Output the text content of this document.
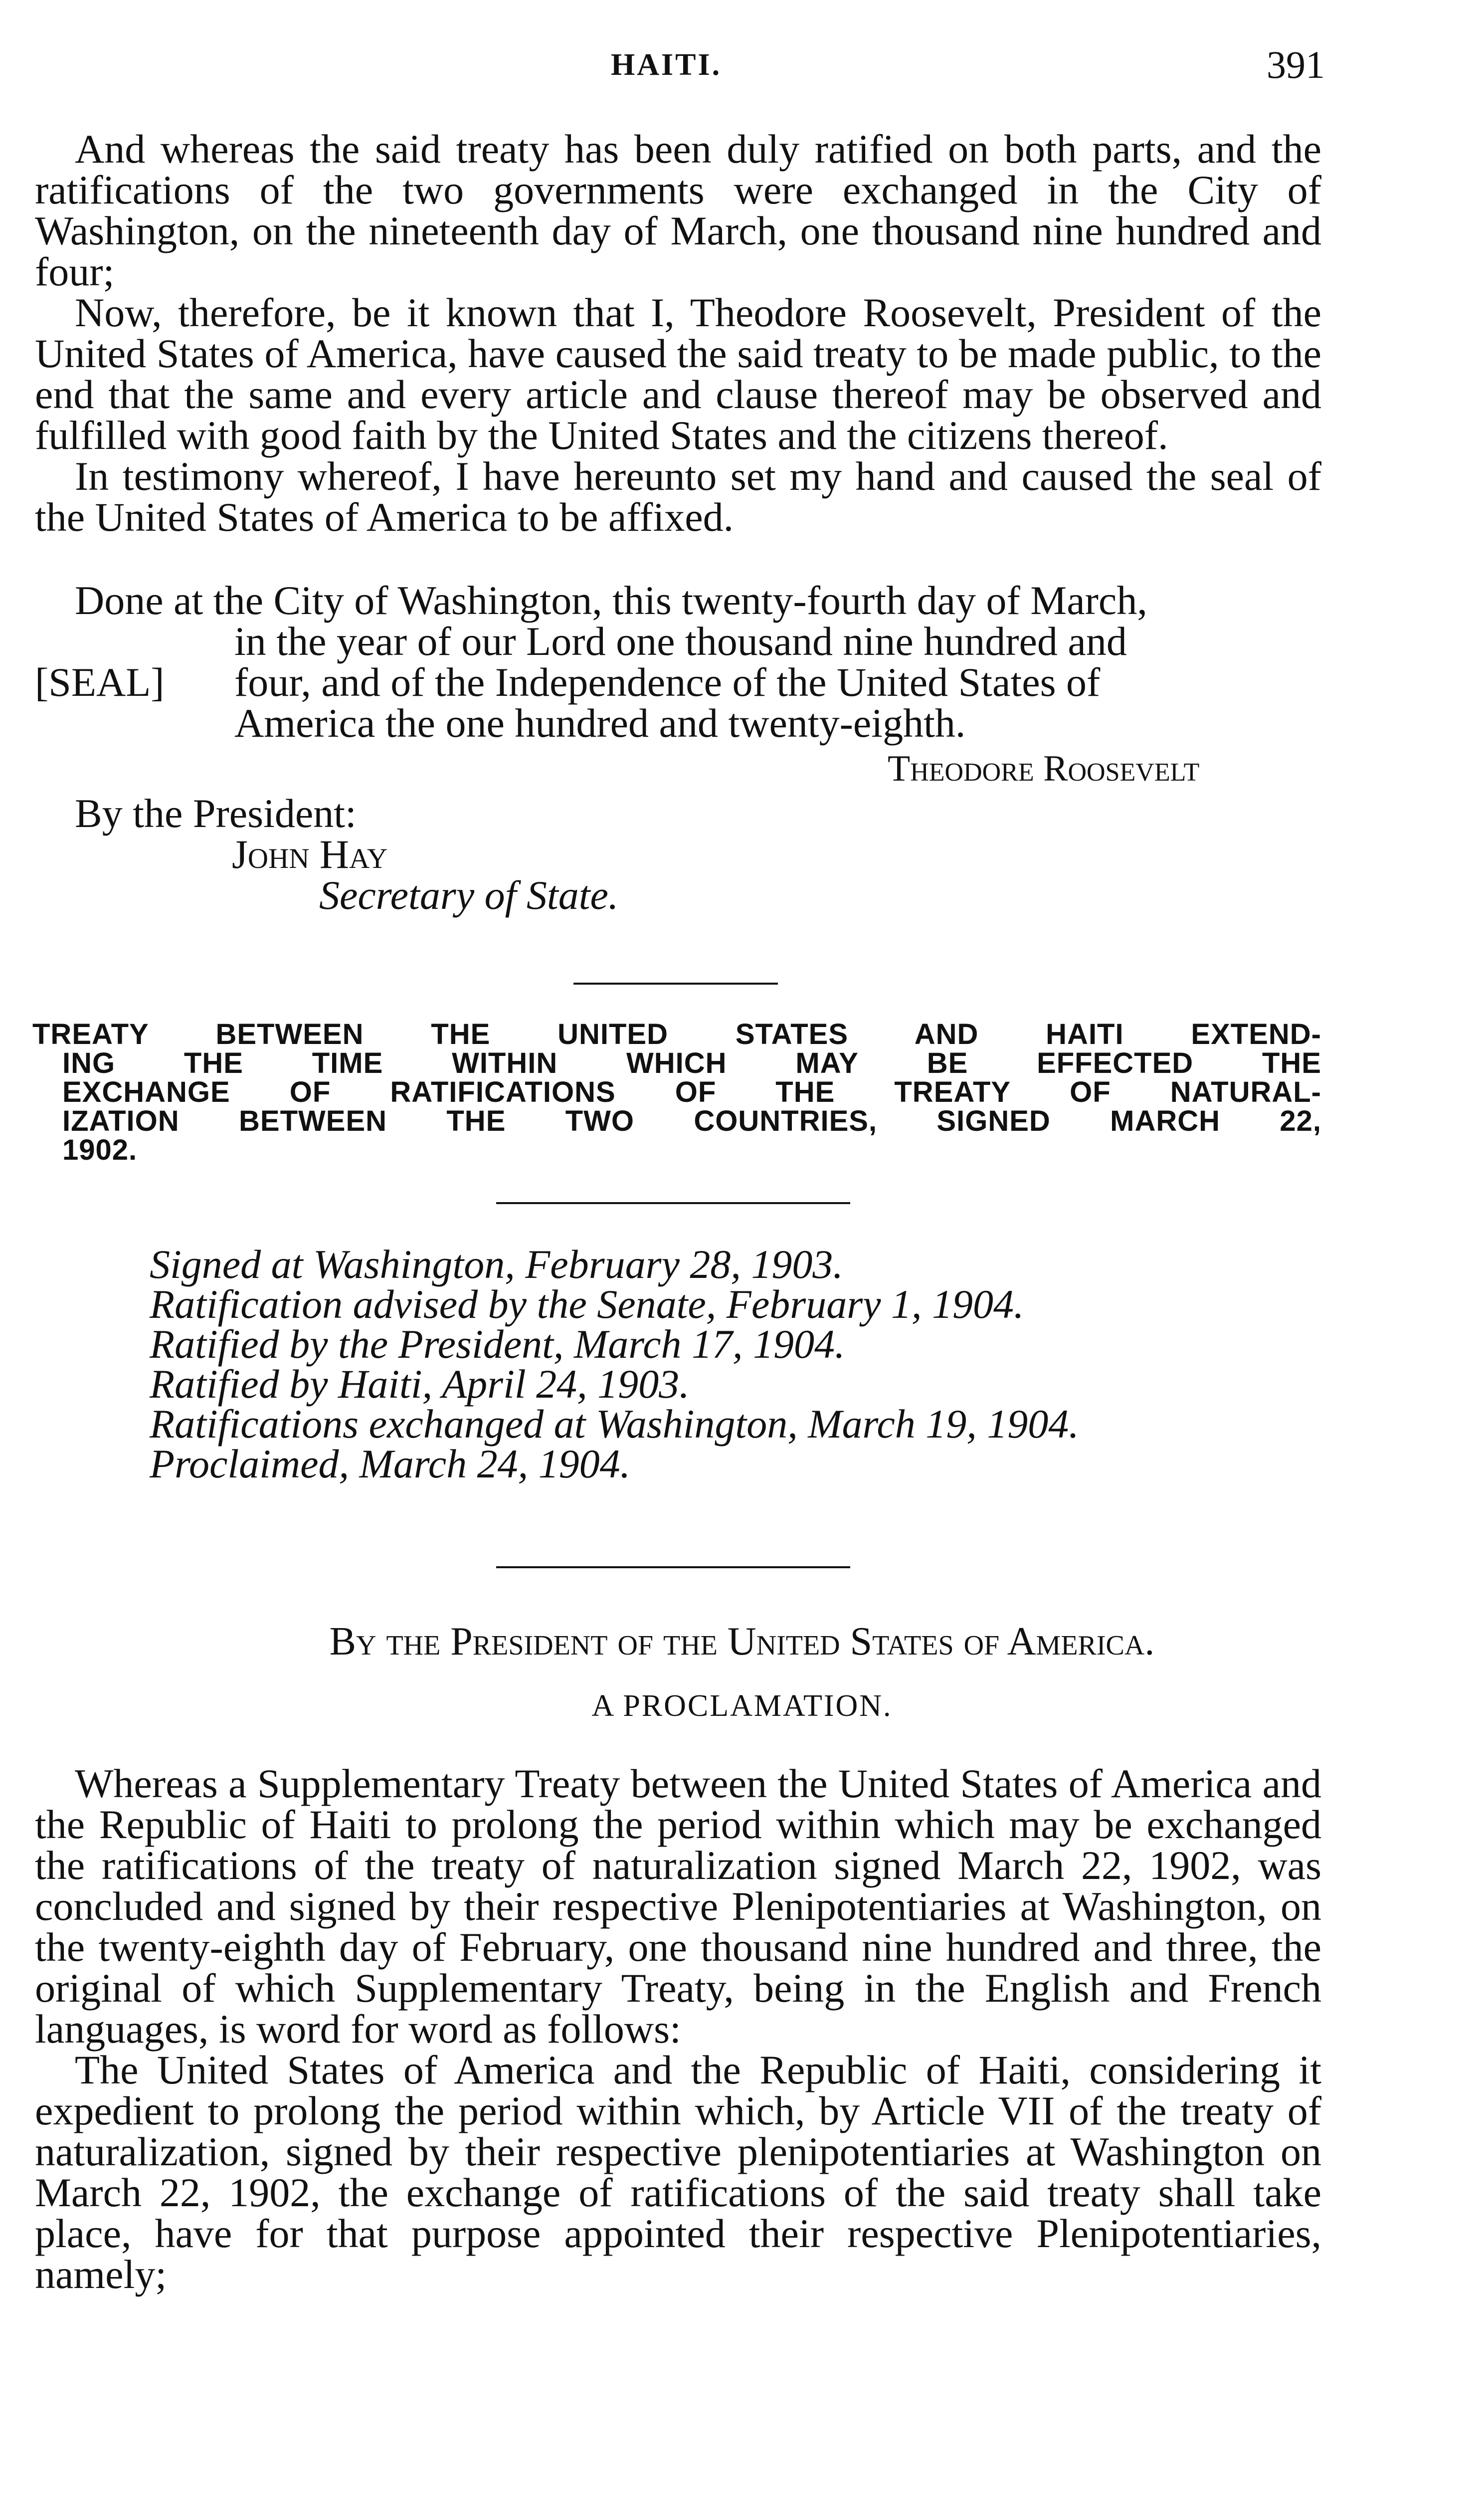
HAITI.	391

And whereas the said treaty has been duly ratified on both parts, and the ratifications of the two governments were exchanged in the City of Washington, on the nineteenth day of March, one thousand nine hundred and four;

Now, therefore, be it known that I, Theodore Roosevelt, President of the United States of America, have caused the said treaty to be made public, to the end that the same and every article and clause thereof may be observed and fulfilled with good faith by the United States and the citizens thereof.

In testimony whereof, I have hereunto set my hand and caused the seal of the United States of America to be affixed.

Done at the City of Washington, this twenty-fourth day of March,
in the year of our Lord one thousand nine hundred and
[SEAL] four, and of the Independence of the United States of
America the one hundred and twenty-eighth.
Theodore Roosevelt
By the President:
John Hay
Secretary of State.
TREATY BETWEEN THE UNITED STATES AND HAITI EXTEND-
ING THE TIME WITHIN WHICH MAY BE EFFECTED THE
EXCHANGE OF RATIFICATIONS OF THE TREATY OF NATURAL-
IZATION BETWEEN THE TWO COUNTRIES, SIGNED MARCH 22,
1902.
Signed at Washington, February 28, 1903.
Ratification advised by the Senate, February 1, 1904.
Ratified by the President, March 17, 1904.
Ratified by Haiti, April 24, 1903.
Ratifications exchanged at Washington, March 19, 1904.
Proclaimed, March 24, 1904.
By the President of the United States of America.
A PROCLAMATION.

Whereas a Supplementary Treaty between the United States of America and the Republic of Haiti to prolong the period within which may be exchanged the ratifications of the treaty of naturalization signed March 22, 1902, was concluded and signed by their respective Plenipotentiaries at Washington, on the twenty-eighth day of February, one thousand nine hundred and three, the original of which Supplementary Treaty, being in the English and French languages, is word for word as follows:

The United States of America and the Republic of Haiti, considering it expedient to prolong the period within which, by Article VII of the treaty of naturalization, signed by their respective plenipotentiaries at Washington on March 22, 1902, the exchange of ratifications of the said treaty shall take place, have for that purpose appointed their respective Plenipotentiaries, namely;
